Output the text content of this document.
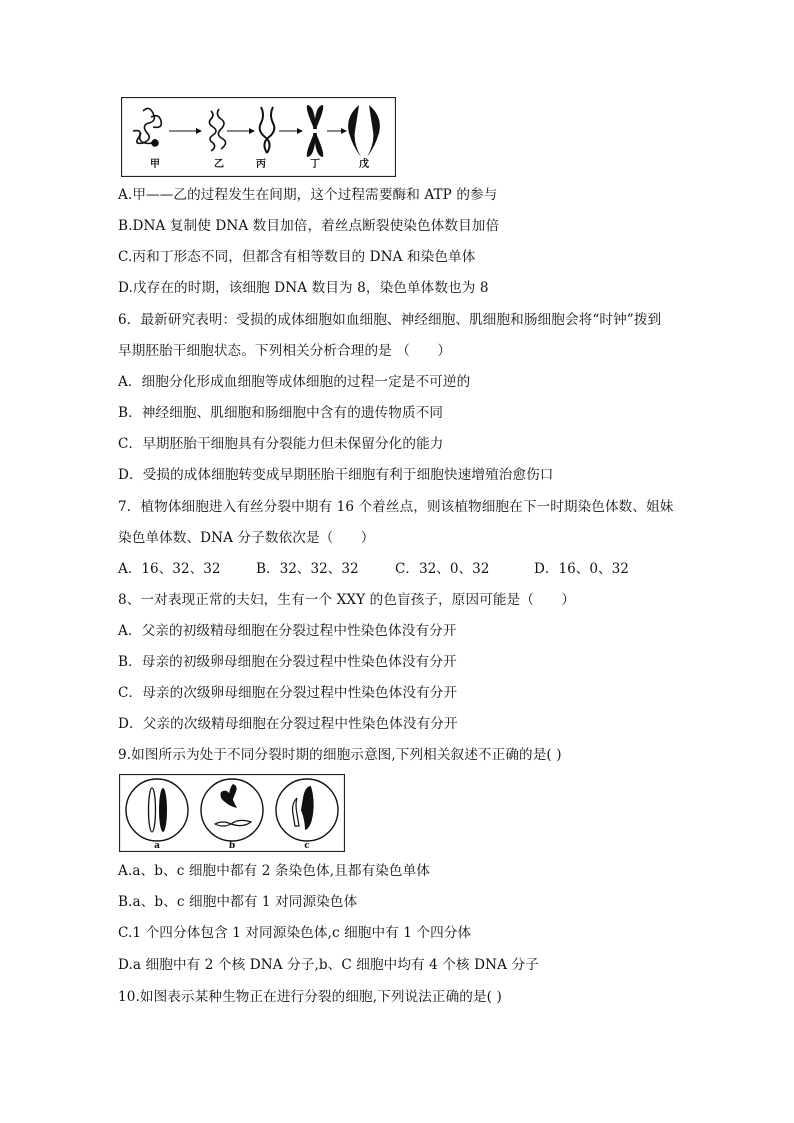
甲	乙	丙	丁	戊
A.甲——乙的过程发生在间期，这个过程需要酶和 ATP 的参与
B.DNA 复制使 DNA 数目加倍，着丝点断裂使染色体数目加倍
C.丙和丁形态不同，但都含有相等数目的 DNA 和染色单体
D.戊存在的时期，该细胞 DNA 数目为 8，染色单体数也为 8
6．最新研究表明：受损的成体细胞如血细胞、神经细胞、肌细胞和肠细胞会将“时钟”拨到
早期胚胎干细胞状态。下列相关分析合理的是 （　　）
A．细胞分化形成血细胞等成体细胞的过程一定是不可逆的
B．神经细胞、肌细胞和肠细胞中含有的遗传物质不同
C．早期胚胎干细胞具有分裂能力但未保留分化的能力
D．受损的成体细胞转变成早期胚胎干细胞有利于细胞快速增殖治愈伤口
7．植物体细胞进入有丝分裂中期有 16 个着丝点，则该植物细胞在下一时期染色体数、姐妹
染色单体数、DNA 分子数依次是（　　）
A．16、32、32	B．32、32、32	C．32、0、32	D．16、0、32
8、一对表现正常的夫妇，生有一个 XXY 的色盲孩子，原因可能是（　　）
A．父亲的初级精母细胞在分裂过程中性染色体没有分开
B．母亲的初级卵母细胞在分裂过程中性染色体没有分开
C．母亲的次级卵母细胞在分裂过程中性染色体没有分开
D．父亲的次级精母细胞在分裂过程中性染色体没有分开
9.如图所示为处于不同分裂时期的细胞示意图,下列相关叙述不正确的是( )
a	b	c
A.a、b、c 细胞中都有 2 条染色体,且都有染色单体
B.a、b、c 细胞中都有 1 对同源染色体
C.1 个四分体包含 1 对同源染色体,c 细胞中有 1 个四分体
D.a 细胞中有 2 个核 DNA 分子,b、C 细胞中均有 4 个核 DNA 分子
10.如图表示某种生物正在进行分裂的细胞,下列说法正确的是( )
